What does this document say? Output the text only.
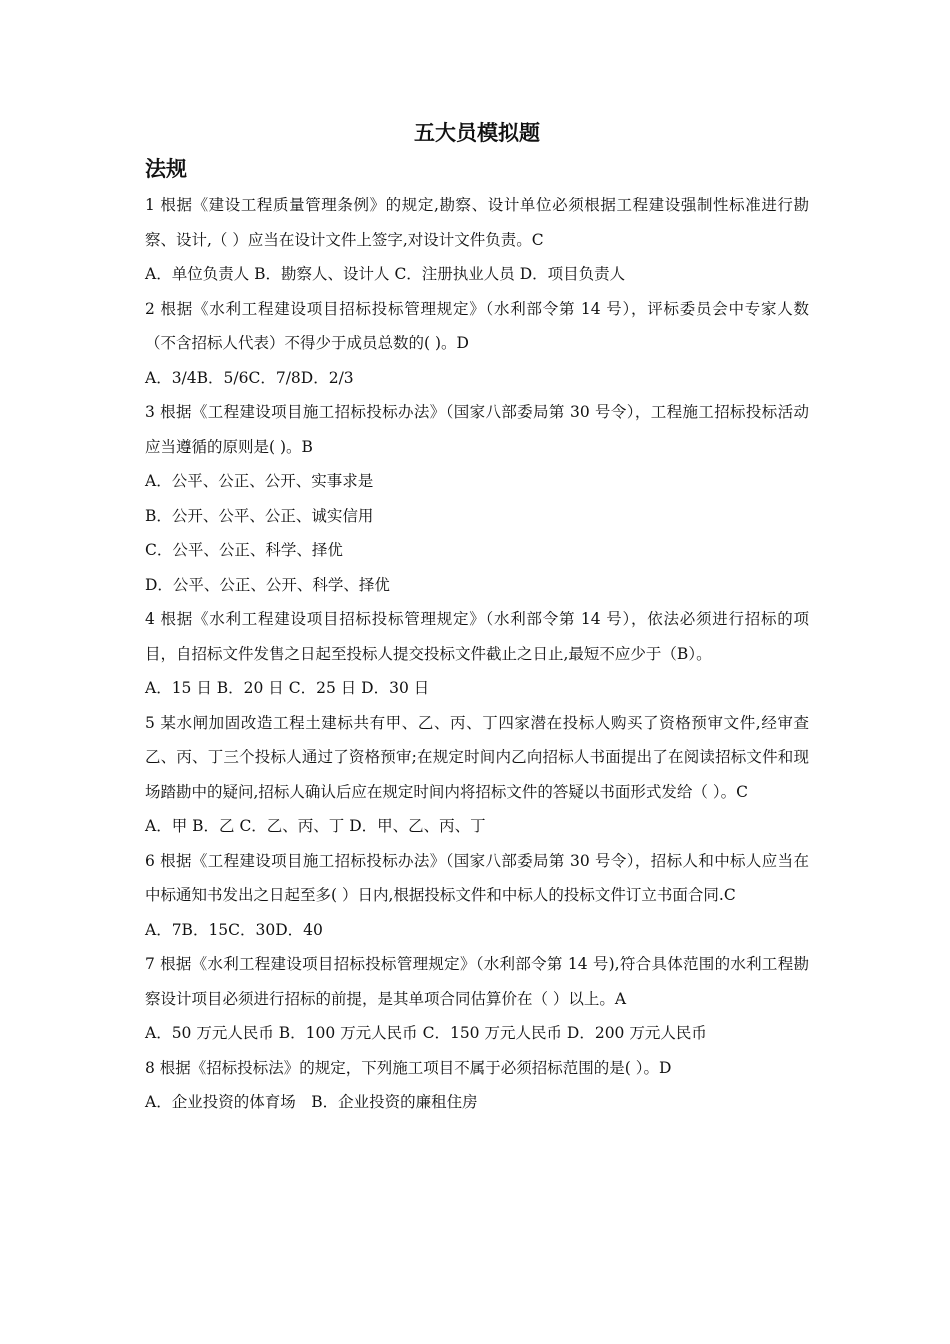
五大员模拟题
法规

1 根据《建设工程质量管理条例》的规定,勘察、设计单位必须根据工程建设强制性标准进行勘察、设计,（ ）应当在设计文件上签字,对设计文件负责。C

A．单位负责人 B．勘察人、设计人 C．注册执业人员 D．项目负责人

2 根据《水利工程建设项目招标投标管理规定》（水利部令第 14 号），评标委员会中专家人数（不含招标人代表）不得少于成员总数的( )。D

A．3/4B．5/6C．7/8D．2/3

3 根据《工程建设项目施工招标投标办法》（国家八部委局第 30 号令），工程施工招标投标活动应当遵循的原则是( )。B

A．公平、公正、公开、实事求是

B．公开、公平、公正、诚实信用

C．公平、公正、科学、择优

D．公平、公正、公开、科学、择优

4 根据《水利工程建设项目招标投标管理规定》（水利部令第 14 号），依法必须进行招标的项目，自招标文件发售之日起至投标人提交投标文件截止之日止,最短不应少于（B）。

A．15 日 B．20 日 C．25 日 D．30 日

5 某水闸加固改造工程土建标共有甲、乙、丙、丁四家潜在投标人购买了资格预审文件,经审查乙、丙、丁三个投标人通过了资格预审;在规定时间内乙向招标人书面提出了在阅读招标文件和现场踏勘中的疑问,招标人确认后应在规定时间内将招标文件的答疑以书面形式发给（ ）。C

A．甲 B．乙 C．乙、丙、丁 D．甲、乙、丙、丁

6 根据《工程建设项目施工招标投标办法》（国家八部委局第 30 号令），招标人和中标人应当在中标通知书发出之日起至多( ）日内,根据投标文件和中标人的投标文件订立书面合同.C

A．7B．15C．30D．40

7 根据《水利工程建设项目招标投标管理规定》（水利部令第 14 号),符合具体范围的水利工程勘察设计项目必须进行招标的前提，是其单项合同估算价在（ ）以上。A

A．50 万元人民币 B．100 万元人民币 C．150 万元人民币 D．200 万元人民币

8 根据《招标投标法》的规定，下列施工项目不属于必须招标范围的是( ）。D

A．企业投资的体育场　B．企业投资的廉租住房
